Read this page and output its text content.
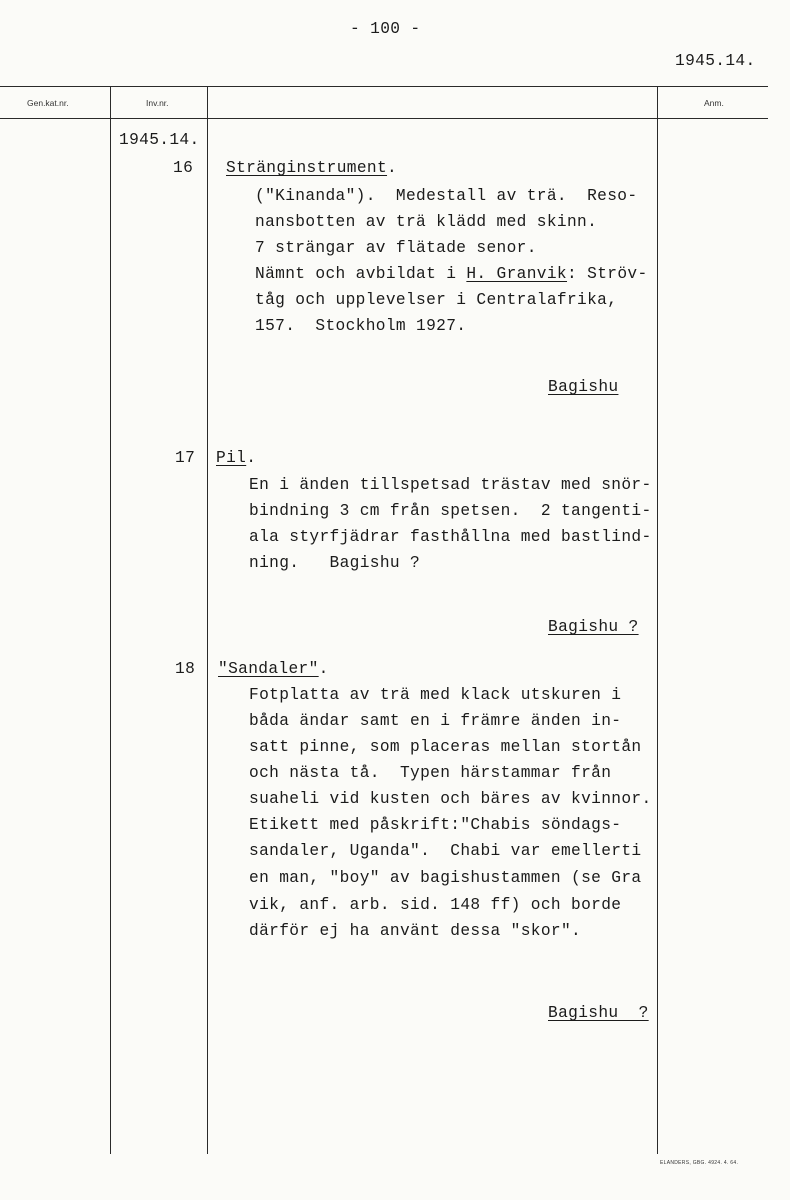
- 100 -
1945.14.
Gen.kat.nr.	Inv.nr.	Anm.
1945.14.
16 Stränginstrument.
("Kinanda").  Medestall av trä.  Reso-
nansbotten av trä klädd med skinn.
7 strängar av flätade senor.
Nämnt och avbildat i H. Granvik: Ströv-
tåg och upplevelser i Centralafrika,
157.  Stockholm 1927.
Bagishu
17 Pil.
En i änden tillspetsad trästav med snör-
bindning 3 cm från spetsen.  2 tangenti-
ala styrfjädrar fasthållna med bastlind-
ning.   Bagishu ?
Bagishu ?
18 "Sandaler".
Fotplatta av trä med klack utskuren i
båda ändar samt en i främre änden in-
satt pinne, som placeras mellan stortån
och nästa tå.  Typen härstammar från
suaheli vid kusten och bäres av kvinnor.
Etikett med påskrift:"Chabis söndags-
sandaler, Uganda".  Chabi var emellerti
en man, "boy" av bagishustammen (se Gra
vik, anf. arb. sid. 148 ff) och borde
därför ej ha använt dessa "skor".
Bagishu  ?
ELANDERS, GBG. 4924. 4. 64.
